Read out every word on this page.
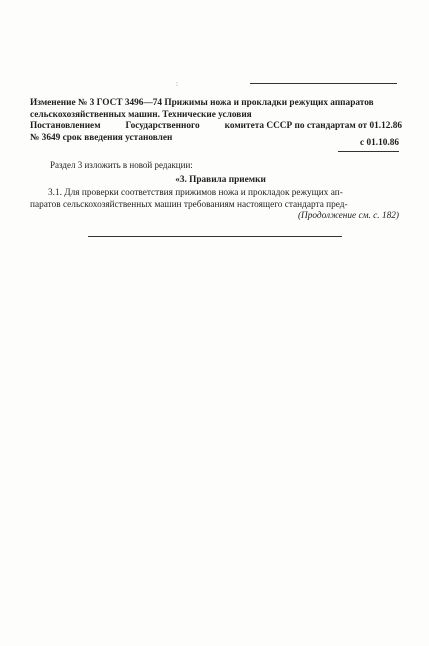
:
Изменение № 3 ГОСТ 3496—74 Прижимы ножа и прокладки режущих аппаратов
сельскохозяйственных машин. Технические условия
Постановлением	Государственного	комитета СССР по стандартам от 01.12.86
№ 3649 срок введения установлен	с 01.10.86
Раздел 3 изложить в новой редакции:
«3. Правила приемки
3.1. Для проверки соответствия прижимов ножа и прокладок режущих ап-
паратов сельскохозяйственных машин требованиям настоящего стандарта пред-
(Продолжение см. с. 182)
